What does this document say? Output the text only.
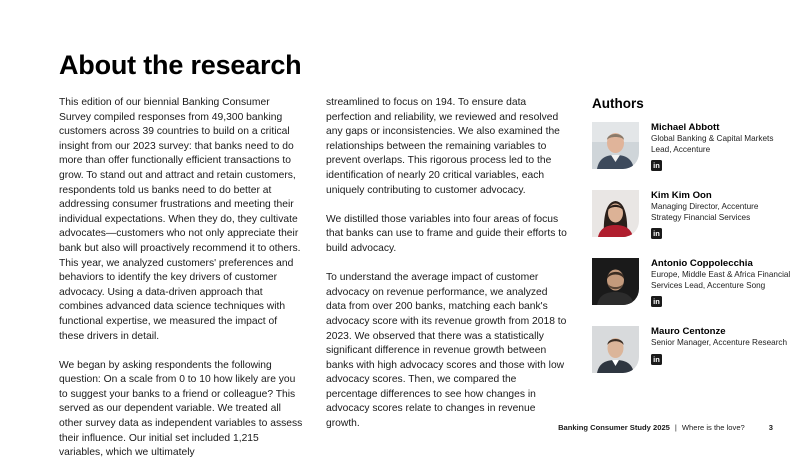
About the research

This edition of our biennial Banking Consumer Survey compiled responses from 49,300 banking customers across 39 countries to build on a critical insight from our 2023 survey: that banks need to do more than offer functionally efficient transactions to grow. To stand out and attract and retain customers, respondents told us banks need to do better at addressing consumer frustrations and meeting their individual expectations. When they do, they cultivate advocates—customers who not only appreciate their bank but also will proactively recommend it to others. This year, we analyzed customers' preferences and behaviors to identify the key drivers of customer advocacy. Using a data-driven approach that combines advanced data science techniques with functional expertise, we measured the impact of these drivers in detail.

We began by asking respondents the following question: On a scale from 0 to 10 how likely are you to suggest your banks to a friend or colleague? This served as our dependent variable. We treated all other survey data as independent variables to assess their influence. Our initial set included 1,215 variables, which we ultimately

streamlined to focus on 194. To ensure data perfection and reliability, we reviewed and resolved any gaps or inconsistencies. We also examined the relationships between the remaining variables to prevent overlaps. This rigorous process led to the identification of nearly 20 critical variables, each uniquely contributing to customer advocacy.

We distilled those variables into four areas of focus that banks can use to frame and guide their efforts to build advocacy.

To understand the average impact of customer advocacy on revenue performance, we analyzed data from over 200 banks, matching each bank's advocacy score with its revenue growth from 2018 to 2023. We observed that there was a statistically significant difference in revenue growth between banks with high advocacy scores and those with low advocacy scores. Then, we compared the percentage differences to see how changes in advocacy scores relate to changes in revenue growth.

Authors
Michael Abbott
Global Banking & Capital Markets Lead, Accenture
in
Kim Kim Oon
Managing Director, Accenture Strategy Financial Services
in
Antonio Coppolecchia
Europe, Middle East & Africa Financial Services Lead, Accenture Song
in
Mauro Centonze
Senior Manager, Accenture Research
in
Banking Consumer Study 2025 | Where is the love?	3
